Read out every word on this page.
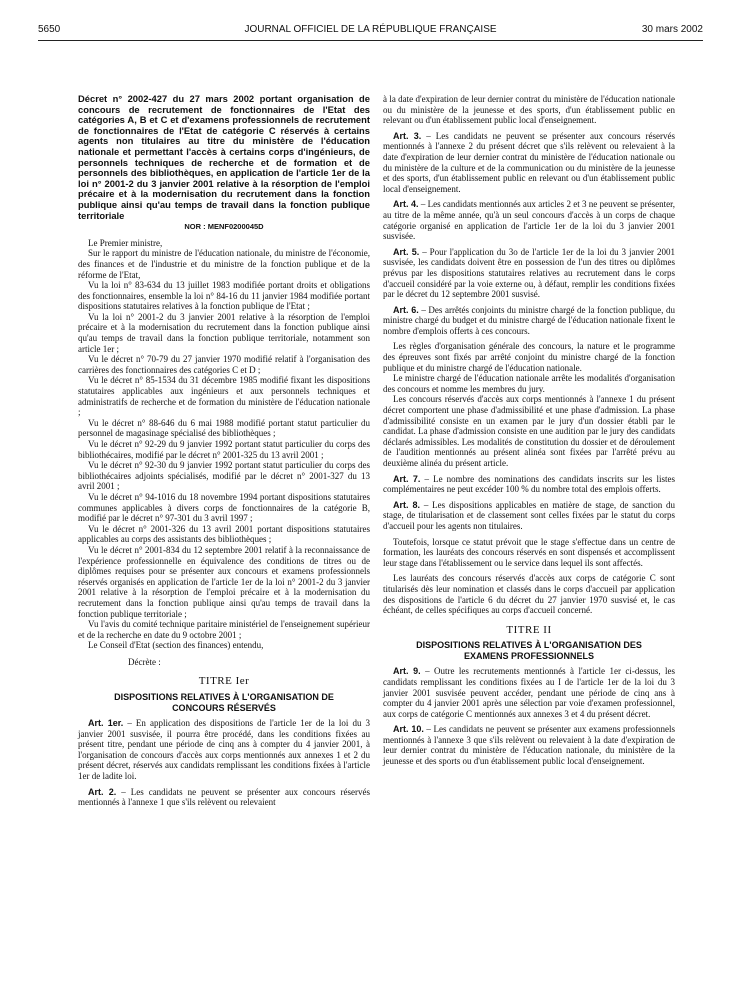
5650	JOURNAL OFFICIEL DE LA RÉPUBLIQUE FRANÇAISE	30 mars 2002

Décret n° 2002-427 du 27 mars 2002 portant organisation de concours de recrutement de fonctionnaires de l'Etat des catégories A, B et C et d'examens professionnels de recrutement de fonctionnaires de l'Etat de catégorie C réservés à certains agents non titulaires au titre du ministère de l'éducation nationale et permettant l'accès à certains corps d'ingénieurs, de personnels techniques de recherche et de formation et de personnels des bibliothèques, en application de l'article 1er de la loi n° 2001-2 du 3 janvier 2001 relative à la résorption de l'emploi précaire et à la modernisation du recrutement dans la fonction publique ainsi qu'au temps de travail dans la fonction publique territoriale

NOR : MENF0200045D

Le Premier ministre,

Sur le rapport du ministre de l'éducation nationale, du ministre de l'économie, des finances et de l'industrie et du ministre de la fonction publique et de la réforme de l'Etat,

Vu la loi n° 83-634 du 13 juillet 1983 modifiée portant droits et obligations des fonctionnaires, ensemble la loi n° 84-16 du 11 janvier 1984 modifiée portant dispositions statutaires relatives à la fonction publique de l'Etat ;

Vu la loi n° 2001-2 du 3 janvier 2001 relative à la résorption de l'emploi précaire et à la modernisation du recrutement dans la fonction publique ainsi qu'au temps de travail dans la fonction publique territoriale, notamment son article 1er ;

Vu le décret n° 70-79 du 27 janvier 1970 modifié relatif à l'organisation des carrières des fonctionnaires des catégories C et D ;

Vu le décret n° 85-1534 du 31 décembre 1985 modifié fixant les dispositions statutaires applicables aux ingénieurs et aux personnels techniques et administratifs de recherche et de formation du ministère de l'éducation nationale ;

Vu le décret n° 88-646 du 6 mai 1988 modifié portant statut particulier du personnel de magasinage spécialisé des bibliothèques ;

Vu le décret n° 92-29 du 9 janvier 1992 portant statut particulier du corps des bibliothécaires, modifié par le décret n° 2001-325 du 13 avril 2001 ;

Vu le décret n° 92-30 du 9 janvier 1992 portant statut particulier du corps des bibliothécaires adjoints spécialisés, modifié par le décret n° 2001-327 du 13 avril 2001 ;

Vu le décret n° 94-1016 du 18 novembre 1994 portant dispositions statutaires communes applicables à divers corps de fonctionnaires de la catégorie B, modifié par le décret n° 97-301 du 3 avril 1997 ;

Vu le décret n° 2001-326 du 13 avril 2001 portant dispositions statutaires applicables au corps des assistants des bibliothèques ;

Vu le décret n° 2001-834 du 12 septembre 2001 relatif à la reconnaissance de l'expérience professionnelle en équivalence des conditions de titres ou de diplômes requises pour se présenter aux concours et examens professionnels réservés organisés en application de l'article 1er de la loi n° 2001-2 du 3 janvier 2001 relative à la résorption de l'emploi précaire et à la modernisation du recrutement dans la fonction publique ainsi qu'au temps de travail dans la fonction publique territoriale ;

Vu l'avis du comité technique paritaire ministériel de l'enseignement supérieur et de la recherche en date du 9 octobre 2001 ;

Le Conseil d'Etat (section des finances) entendu,

Décrète :

TITRE Ier
DISPOSITIONS RELATIVES À L'ORGANISATION DE CONCOURS RÉSERVÉS

Art. 1er. – En application des dispositions de l'article 1er de la loi du 3 janvier 2001 susvisée, il pourra être procédé, dans les conditions fixées au présent titre, pendant une période de cinq ans à compter du 4 janvier 2001, à l'organisation de concours d'accès aux corps mentionnés aux annexes 1 et 2 du présent décret, réservés aux candidats remplissant les conditions fixées à l'article 1er de ladite loi.

Art. 2. – Les candidats ne peuvent se présenter aux concours réservés mentionnés à l'annexe 1 que s'ils relèvent ou relevaient

à la date d'expiration de leur dernier contrat du ministère de l'éducation nationale ou du ministère de la jeunesse et des sports, d'un établissement public en relevant ou d'un établissement public local d'enseignement.

Art. 3. – Les candidats ne peuvent se présenter aux concours réservés mentionnés à l'annexe 2 du présent décret que s'ils relèvent ou relevaient à la date d'expiration de leur dernier contrat du ministère de l'éducation nationale ou du ministère de la culture et de la communication ou du ministère de la jeunesse et des sports, d'un établissement public en relevant ou d'un établissement public local d'enseignement.

Art. 4. – Les candidats mentionnés aux articles 2 et 3 ne peuvent se présenter, au titre de la même année, qu'à un seul concours d'accès à un corps de chaque catégorie organisé en application de l'article 1er de la loi du 3 janvier 2001 susvisée.

Art. 5. – Pour l'application du 3o de l'article 1er de la loi du 3 janvier 2001 susvisée, les candidats doivent être en possession de l'un des titres ou diplômes prévus par les dispositions statutaires relatives au recrutement dans le corps d'accueil considéré par la voie externe ou, à défaut, remplir les conditions fixées par le décret du 12 septembre 2001 susvisé.

Art. 6. – Des arrêtés conjoints du ministre chargé de la fonction publique, du ministre chargé du budget et du ministre chargé de l'éducation nationale fixent le nombre d'emplois offerts à ces concours.

Les règles d'organisation générale des concours, la nature et le programme des épreuves sont fixés par arrêté conjoint du ministre chargé de la fonction publique et du ministre chargé de l'éducation nationale.

Le ministre chargé de l'éducation nationale arrête les modalités d'organisation des concours et nomme les membres du jury.

Les concours réservés d'accès aux corps mentionnés à l'annexe 1 du présent décret comportent une phase d'admissibilité et une phase d'admission. La phase d'admissibilité consiste en un examen par le jury d'un dossier établi par le candidat. La phase d'admission consiste en une audition par le jury des candidats déclarés admissibles. Les modalités de constitution du dossier et de déroulement de l'audition mentionnés au présent alinéa sont fixées par l'arrêté prévu au deuxième alinéa du présent article.

Art. 7. – Le nombre des nominations des candidats inscrits sur les listes complémentaires ne peut excéder 100 % du nombre total des emplois offerts.

Art. 8. – Les dispositions applicables en matière de stage, de sanction du stage, de titularisation et de classement sont celles fixées par le statut du corps d'accueil pour les agents non titulaires.

Toutefois, lorsque ce statut prévoit que le stage s'effectue dans un centre de formation, les lauréats des concours réservés en sont dispensés et accomplissent leur stage dans l'établissement ou le service dans lequel ils sont affectés.

Les lauréats des concours réservés d'accès aux corps de catégorie C sont titularisés dès leur nomination et classés dans le corps d'accueil par application des dispositions de l'article 6 du décret du 27 janvier 1970 susvisé et, le cas échéant, de celles spécifiques au corps d'accueil concerné.

TITRE II
DISPOSITIONS RELATIVES À L'ORGANISATION DES EXAMENS PROFESSIONNELS

Art. 9. – Outre les recrutements mentionnés à l'article 1er ci-dessus, les candidats remplissant les conditions fixées au I de l'article 1er de la loi du 3 janvier 2001 susvisée peuvent accéder, pendant une période de cinq ans à compter du 4 janvier 2001 après une sélection par voie d'examen professionnel, aux corps de catégorie C mentionnés aux annexes 3 et 4 du présent décret.

Art. 10. – Les candidats ne peuvent se présenter aux examens professionnels mentionnés à l'annexe 3 que s'ils relèvent ou relevaient à la date d'expiration de leur dernier contrat du ministère de l'éducation nationale, du ministère de la jeunesse et des sports ou d'un établissement public local d'enseignement.
